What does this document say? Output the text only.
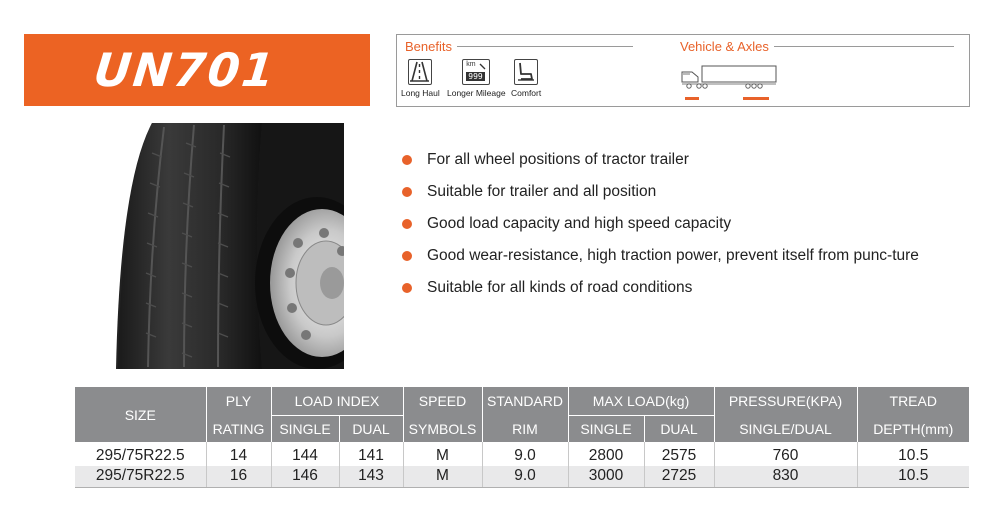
UN701	Benefits	Vehicle & Axles
Long Haul
km
999
Longer Mileage Comfort
For all wheel positions of tractor trailer
Suitable for trailer and all position
Good load capacity and high speed capacity
Good wear-resistance, high traction power, prevent itself from punc-ture
Suitable for all kinds of road conditions
SIZE	PLY	LOAD INDEX		SPEED	STANDARD	MAX LOAD(kg)		PRESSURE(KPA)	TREAD
	RATING	SINGLE	DUAL	SYMBOLS	RIM	SINGLE	DUAL	SINGLE/DUAL	DEPTH(mm)
295/75R22.5	14	144	141	M	9.0	2800	2575	760	10.5
295/75R22.5	16	146	143	M	9.0	3000	2725	830	10.5
